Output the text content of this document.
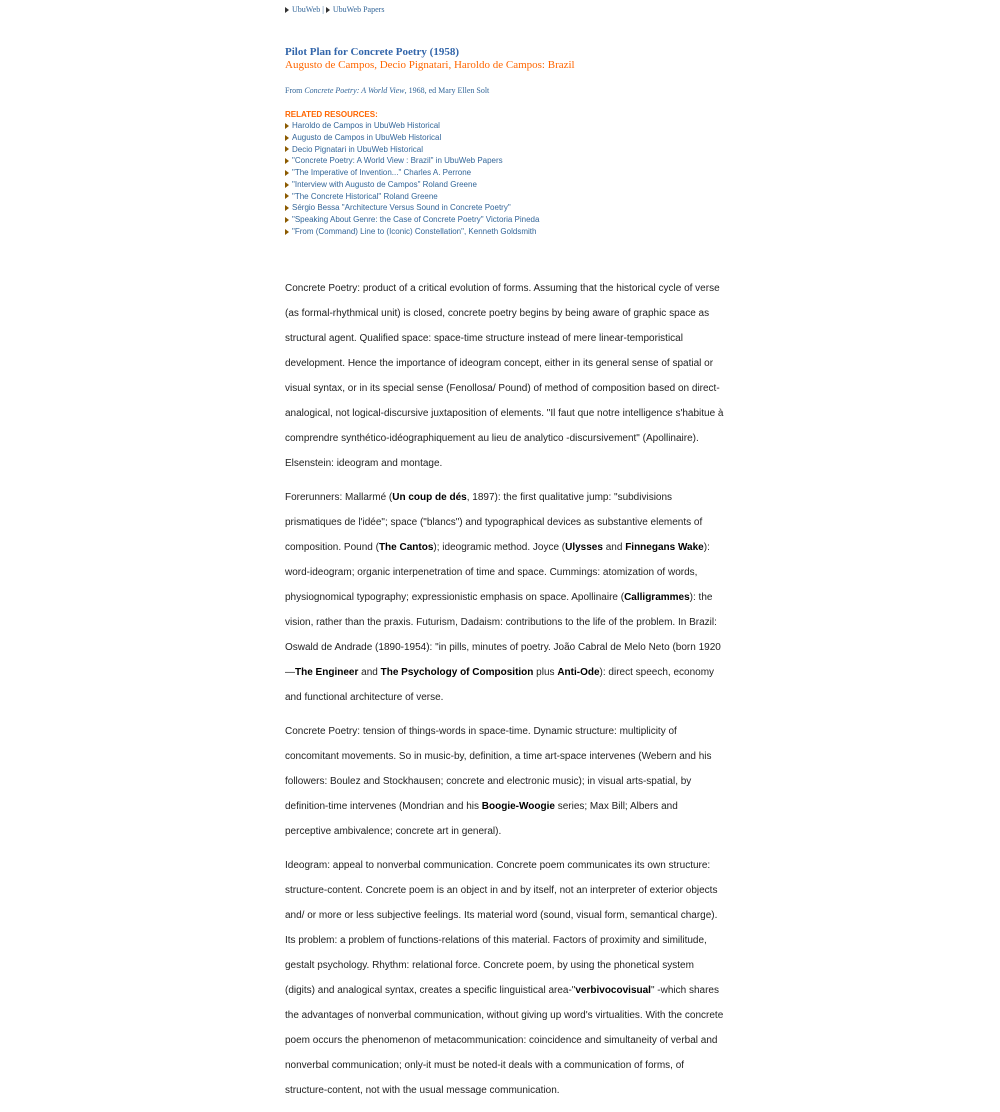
UbuWeb | UbuWeb Papers
Pilot Plan for Concrete Poetry (1958)
Augusto de Campos, Decio Pignatari, Haroldo de Campos: Brazil
From Concrete Poetry: A World View, 1968, ed Mary Ellen Solt
RELATED RESOURCES:
Haroldo de Campos in UbuWeb Historical
Augusto de Campos in UbuWeb Historical
Decio Pignatari in UbuWeb Historical
"Concrete Poetry: A World View : Brazil" in UbuWeb Papers
"The Imperative of Invention..." Charles A. Perrone
"Interview with Augusto de Campos" Roland Greene
"The Concrete Historical" Roland Greene
Sérgio Bessa "Architecture Versus Sound in Concrete Poetry"
"Speaking About Genre: the Case of Concrete Poetry" Victoria Pineda
"From (Command) Line to (Iconic) Constellation", Kenneth Goldsmith

Concrete Poetry: product of a critical evolution of forms. Assuming that the historical cycle of verse (as formal-rhythmical unit) is closed, concrete poetry begins by being aware of graphic space as structural agent. Qualified space: space-time structure instead of mere linear-temporistical development. Hence the importance of ideogram concept, either in its general sense of spatial or visual syntax, or in its special sense (Fenollosa/ Pound) of method of composition based on direct-analogical, not logical-discursive juxtaposition of elements. "Il faut que notre intelligence s'habitue à comprendre synthético-idéographiquement au lieu de analytico -discursivement" (Apollinaire). Elsenstein: ideogram and montage.

Forerunners: Mallarmé (Un coup de dés, 1897): the first qualitative jump: "subdivisions prismatiques de l'idée"; space ("blancs") and typographical devices as substantive elements of composition. Pound (The Cantos); ideogramic method. Joyce (Ulysses and Finnegans Wake): word-ideogram; organic interpenetration of time and space. Cummings: atomization of words, physiognomical typography; expressionistic emphasis on space. Apollinaire (Calligrammes): the vision, rather than the praxis. Futurism, Dadaism: contributions to the life of the problem. In Brazil: Oswald de Andrade (1890-1954): "in pills, minutes of poetry. João Cabral de Melo Neto (born 1920—The Engineer and The Psychology of Composition plus Anti-Ode): direct speech, economy and functional architecture of verse.

Concrete Poetry: tension of things-words in space-time. Dynamic structure: multiplicity of concomitant movements. So in music-by, definition, a time art-space intervenes (Webern and his followers: Boulez and Stockhausen; concrete and electronic music); in visual arts-spatial, by definition-time intervenes (Mondrian and his Boogie-Woogie series; Max Bill; Albers and perceptive ambivalence; concrete art in general).

Ideogram: appeal to nonverbal communication. Concrete poem communicates its own structure: structure-content. Concrete poem is an object in and by itself, not an interpreter of exterior objects and/ or more or less subjective feelings. Its material word (sound, visual form, semantical charge). Its problem: a problem of functions-relations of this material. Factors of proximity and similitude, gestalt psychology. Rhythm: relational force. Concrete poem, by using the phonetical system (digits) and analogical syntax, creates a specific linguistical area-"verbivocovisual" -which shares the advantages of nonverbal communication, without giving up word's virtualities. With the concrete poem occurs the phenomenon of metacommunication: coincidence and simultaneity of verbal and nonverbal communication; only-it must be noted-it deals with a communication of forms, of structure-content, not with the usual message communication.
